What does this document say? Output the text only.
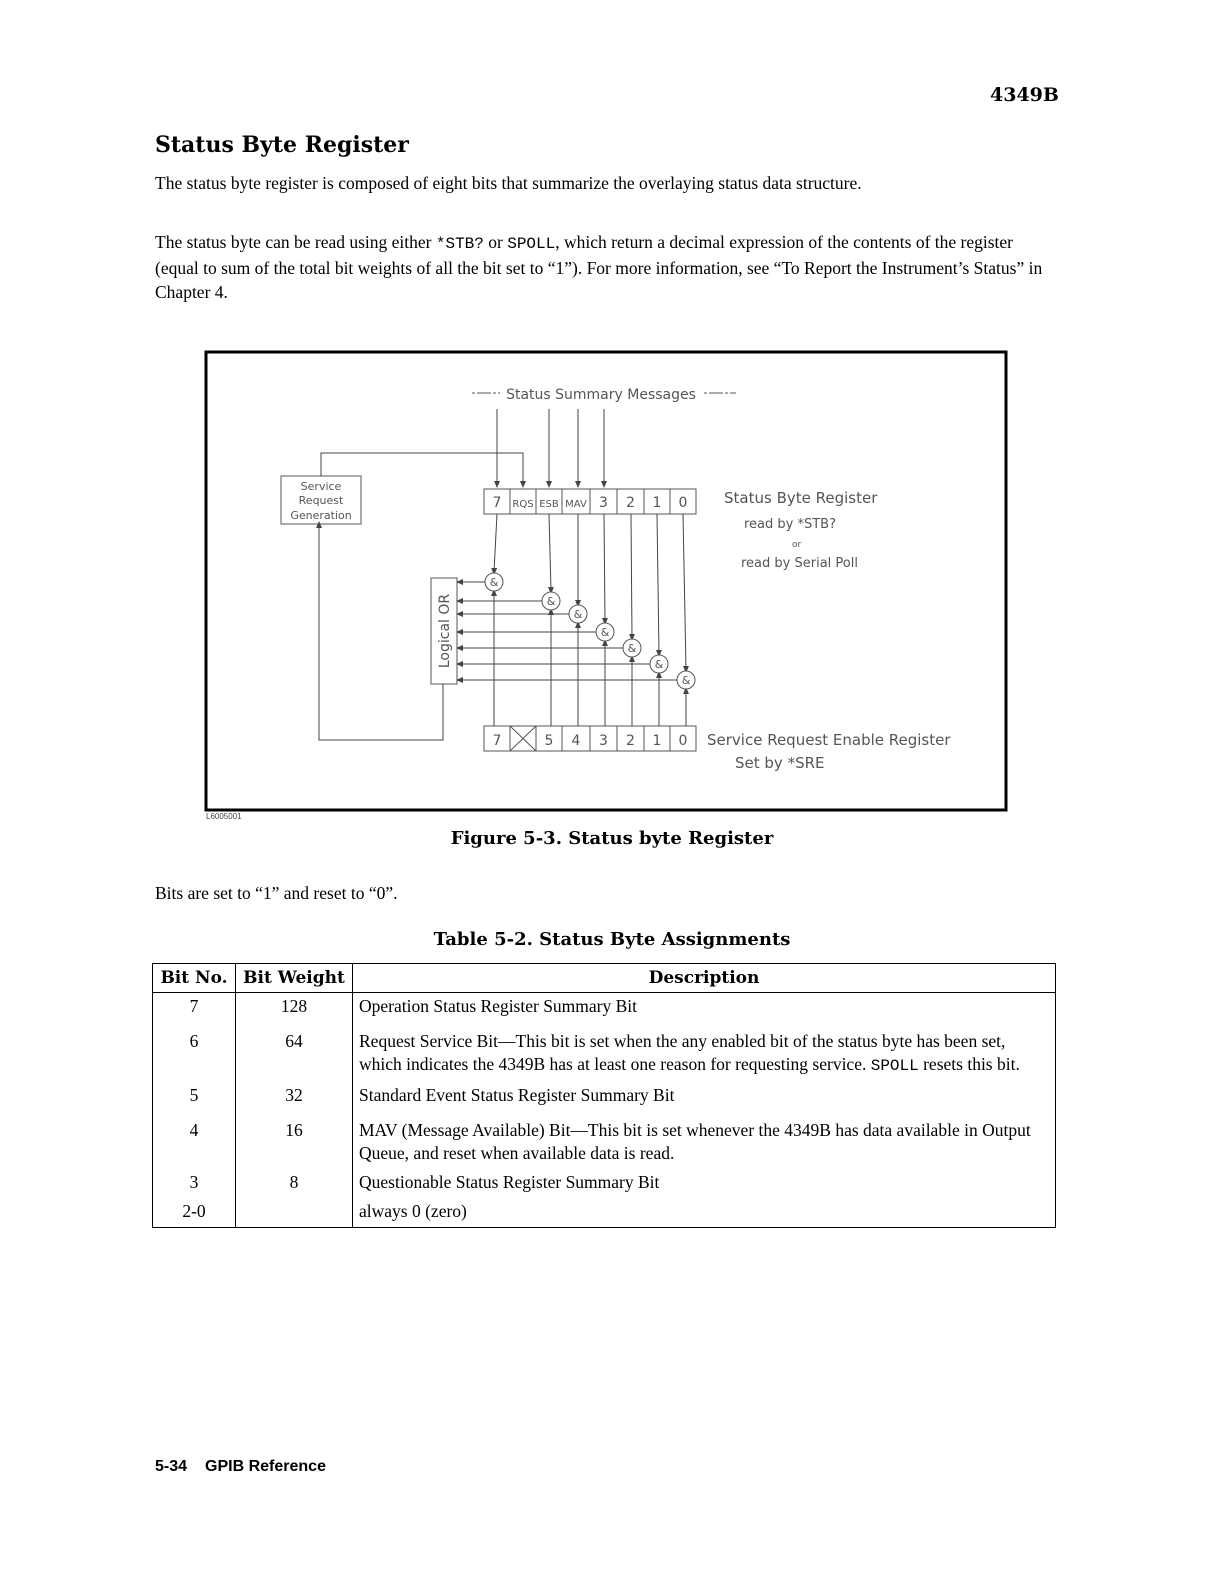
4349B
Status Byte Register
The status byte register is composed of eight bits that summarize the overlaying status data structure.
The status byte can be read using either *STB? or SPOLL, which return a decimal expression of the contents of the register (equal to sum of the total bit weights of all the bit set to “1”). For more information, see “To Report the Instrument’s Status” in Chapter 4.
Status Summary Messages
Service
Request
Generation
7 RQS ESB MAV 3 2 1 0 Status Byte Register
read by *STB?
or
read by Serial Poll
7	5 4 3 2 1 0 Service Request Enable Register
Set by *SRE
Logical OR
&
&
&
&
&
&
&
L6005001
Figure 5-3. Status byte Register
Bits are set to “1” and reset to “0”.
Table 5-2. Status Byte Assignments
Bit No.	Bit Weight	Description
7	128	Operation Status Register Summary Bit
6	64	Request Service Bit—This bit is set when the any enabled bit of the status byte has been set, which indicates the 4349B has at least one reason for requesting service. SPOLL resets this bit.
5	32	Standard Event Status Register Summary Bit
4	16	MAV (Message Available) Bit—This bit is set whenever the 4349B has data available in Output Queue, and reset when available data is read.
3	8	Questionable Status Register Summary Bit
2-0		always 0 (zero)
5-34 GPIB Reference
